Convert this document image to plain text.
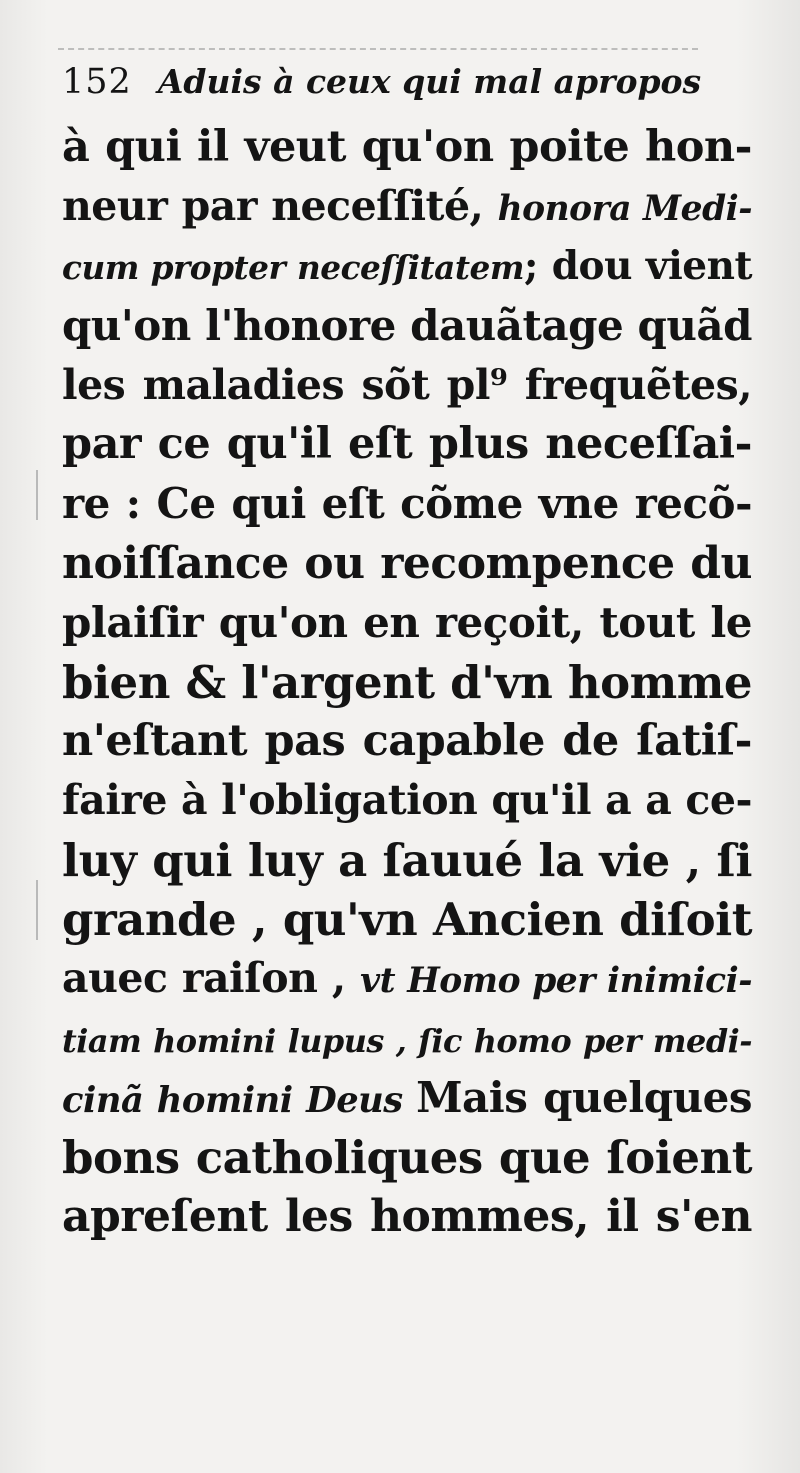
152 Aduis à ceux qui mal apropos
à qui il veut qu'on poite hon-
neur par neceſſité, honora Medi-
cum propter neceſſitatem; dou vient
qu'on l'honore dauãtage quãd
les maladies sõt pl⁹ frequẽtes,
par ce qu'il eſt plus neceſſai-
re : Ce qui eſt cõme vne recõ-
noiſſance ou recompence du
plaiſir qu'on en reçoit, tout le
bien & l'argent d'vn homme
n'eſtant pas capable de ſatiſ-
faire à l'obligation qu'il a a ce-
luy qui luy a ſauué la vie , ſi
grande , qu'vn Ancien diſoit
auec raiſon , vt Homo per inimici-
tiam homini lupus , ſic homo per medi-
cinã homini Deus Mais quelques
bons catholiques que ſoient
apreſent les hommes, il s'en
